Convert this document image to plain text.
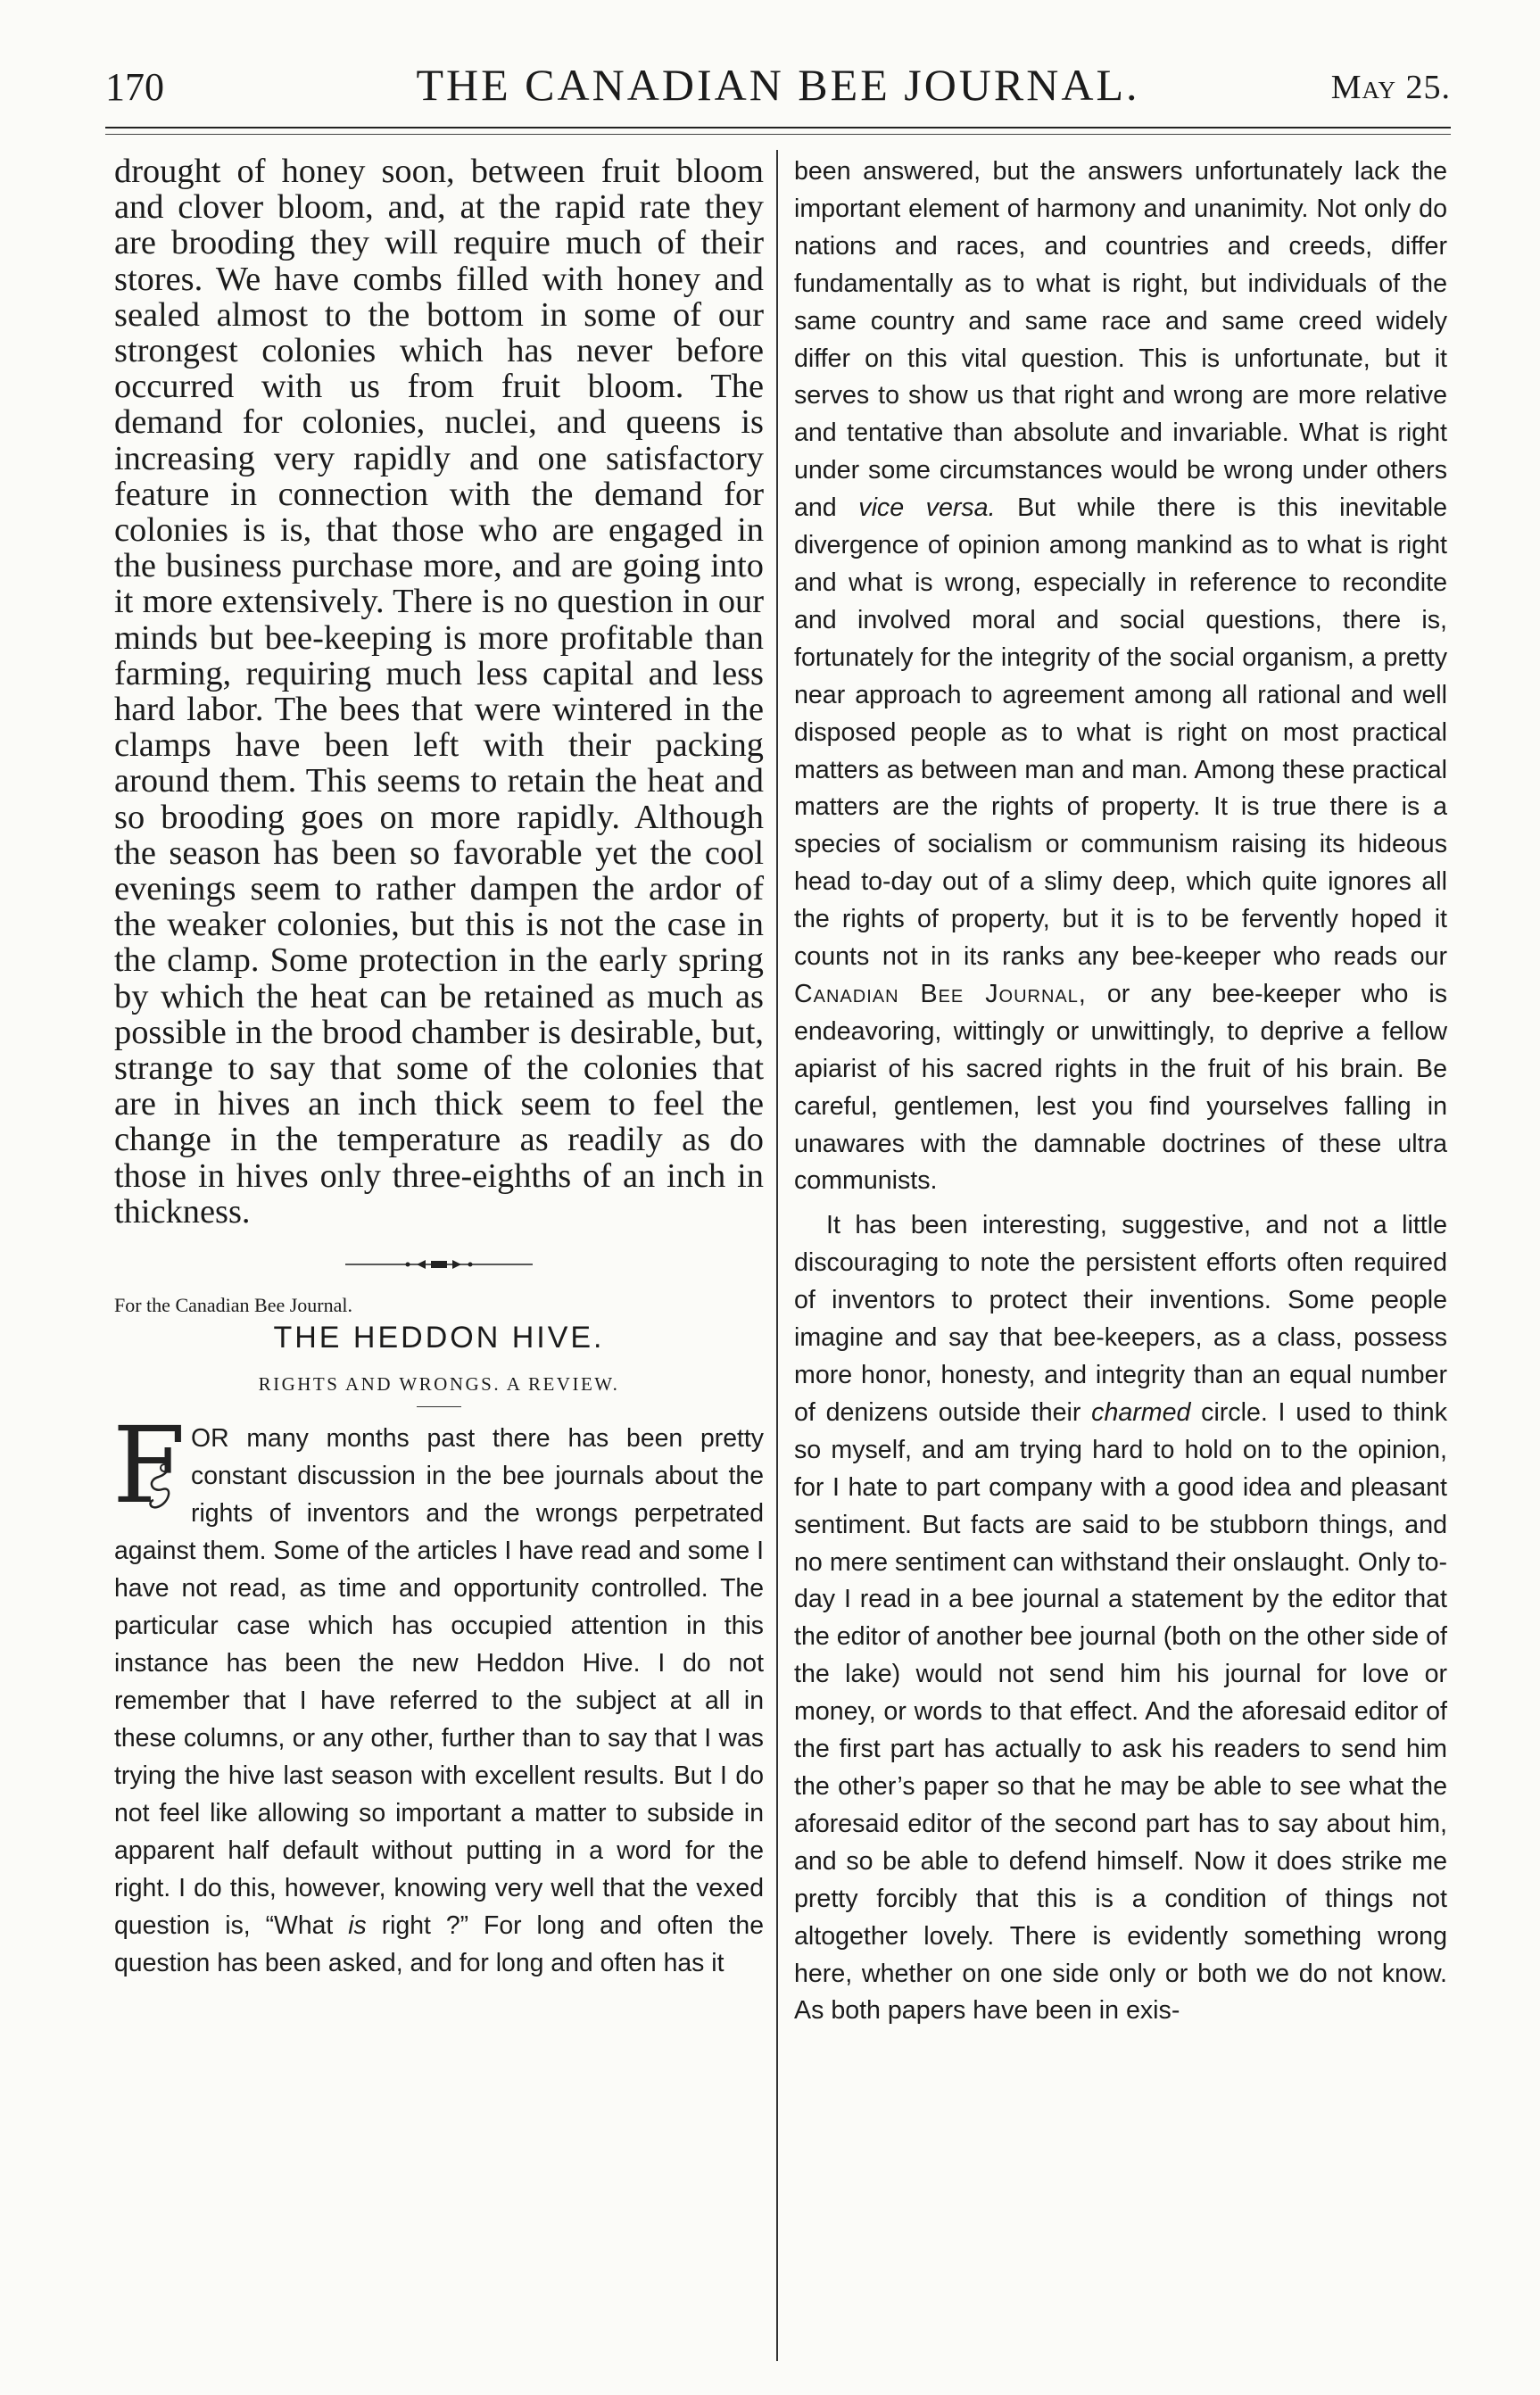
170	THE CANADIAN BEE JOURNAL.	May 25.

drought of honey soon, between fruit bloom and clover bloom, and, at the rapid rate they are brooding they will require much of their stores. We have combs filled with honey and sealed almost to the bottom in some of our strongest colonies which has never before occurred with us from fruit bloom. The demand for colonies, nuclei, and queens is increasing very rapidly and one satisfactory feature in connection with the demand for colonies is is, that those who are engaged in the business purchase more, and are going into it more extensively. There is no question in our minds but bee-keeping is more profitable than farming, requiring much less capital and less hard labor. The bees that were wintered in the clamps have been left with their packing around them. This seems to retain the heat and so brooding goes on more rapidly. Although the season has been so favorable yet the cool evenings seem to rather dampen the ardor of the weaker colonies, but this is not the case in the clamp. Some protection in the early spring by which the heat can be retained as much as possible in the brood chamber is desirable, but, strange to say that some of the colonies that are in hives an inch thick seem to feel the change in the temperature as readily as do those in hives only three-eighths of an inch in thickness.

For the Canadian Bee Journal.

THE HEDDON HIVE.
RIGHTS AND WRONGS. A REVIEW.

F OR many months past there has been pretty constant discussion in the bee journals about the rights of inventors and the wrongs perpetrated against them. Some of the articles I have read and some I have not read, as time and opportunity controlled. The particular case which has occupied attention in this instance has been the new Heddon Hive. I do not remember that I have referred to the subject at all in these columns, or any other, further than to say that I was trying the hive last season with excellent results. But I do not feel like allowing so important a matter to subside in apparent half default without putting in a word for the right. I do this, however, knowing very well that the vexed question is, “What is right ?” For long and often the question has been asked, and for long and often has it

been answered, but the answers unfortunately lack the important element of harmony and unanimity. Not only do nations and races, and countries and creeds, differ fundamentally as to what is right, but individuals of the same country and same race and same creed widely differ on this vital question. This is unfortunate, but it serves to show us that right and wrong are more relative and tentative than absolute and invariable. What is right under some circumstances would be wrong under others and vice versa. But while there is this inevitable divergence of opinion among mankind as to what is right and what is wrong, especially in reference to recondite and involved moral and social questions, there is, fortunately for the integrity of the social organism, a pretty near approach to agreement among all rational and well disposed people as to what is right on most practical matters as between man and man. Among these practical matters are the rights of property. It is true there is a species of socialism or communism raising its hideous head to-day out of a slimy deep, which quite ignores all the rights of property, but it is to be fervently hoped it counts not in its ranks any bee-keeper who reads our Canadian Bee Journal, or any bee-keeper who is endeavoring, wittingly or unwittingly, to deprive a fellow apiarist of his sacred rights in the fruit of his brain. Be careful, gentlemen, lest you find yourselves falling in unawares with the damnable doctrines of these ultra communists.

It has been interesting, suggestive, and not a little discouraging to note the persistent efforts often required of inventors to protect their inventions. Some people imagine and say that bee-keepers, as a class, possess more honor, honesty, and integrity than an equal number of denizens outside their charmed circle. I used to think so myself, and am trying hard to hold on to the opinion, for I hate to part company with a good idea and pleasant sentiment. But facts are said to be stubborn things, and no mere sentiment can withstand their onslaught. Only to-day I read in a bee journal a statement by the editor that the editor of another bee journal (both on the other side of the lake) would not send him his journal for love or money, or words to that effect. And the aforesaid editor of the first part has actually to ask his readers to send him the other’s paper so that he may be able to see what the aforesaid editor of the second part has to say about him, and so be able to defend himself. Now it does strike me pretty forcibly that this is a condition of things not altogether lovely. There is evidently something wrong here, whether on one side only or both we do not know. As both papers have been in exis-
